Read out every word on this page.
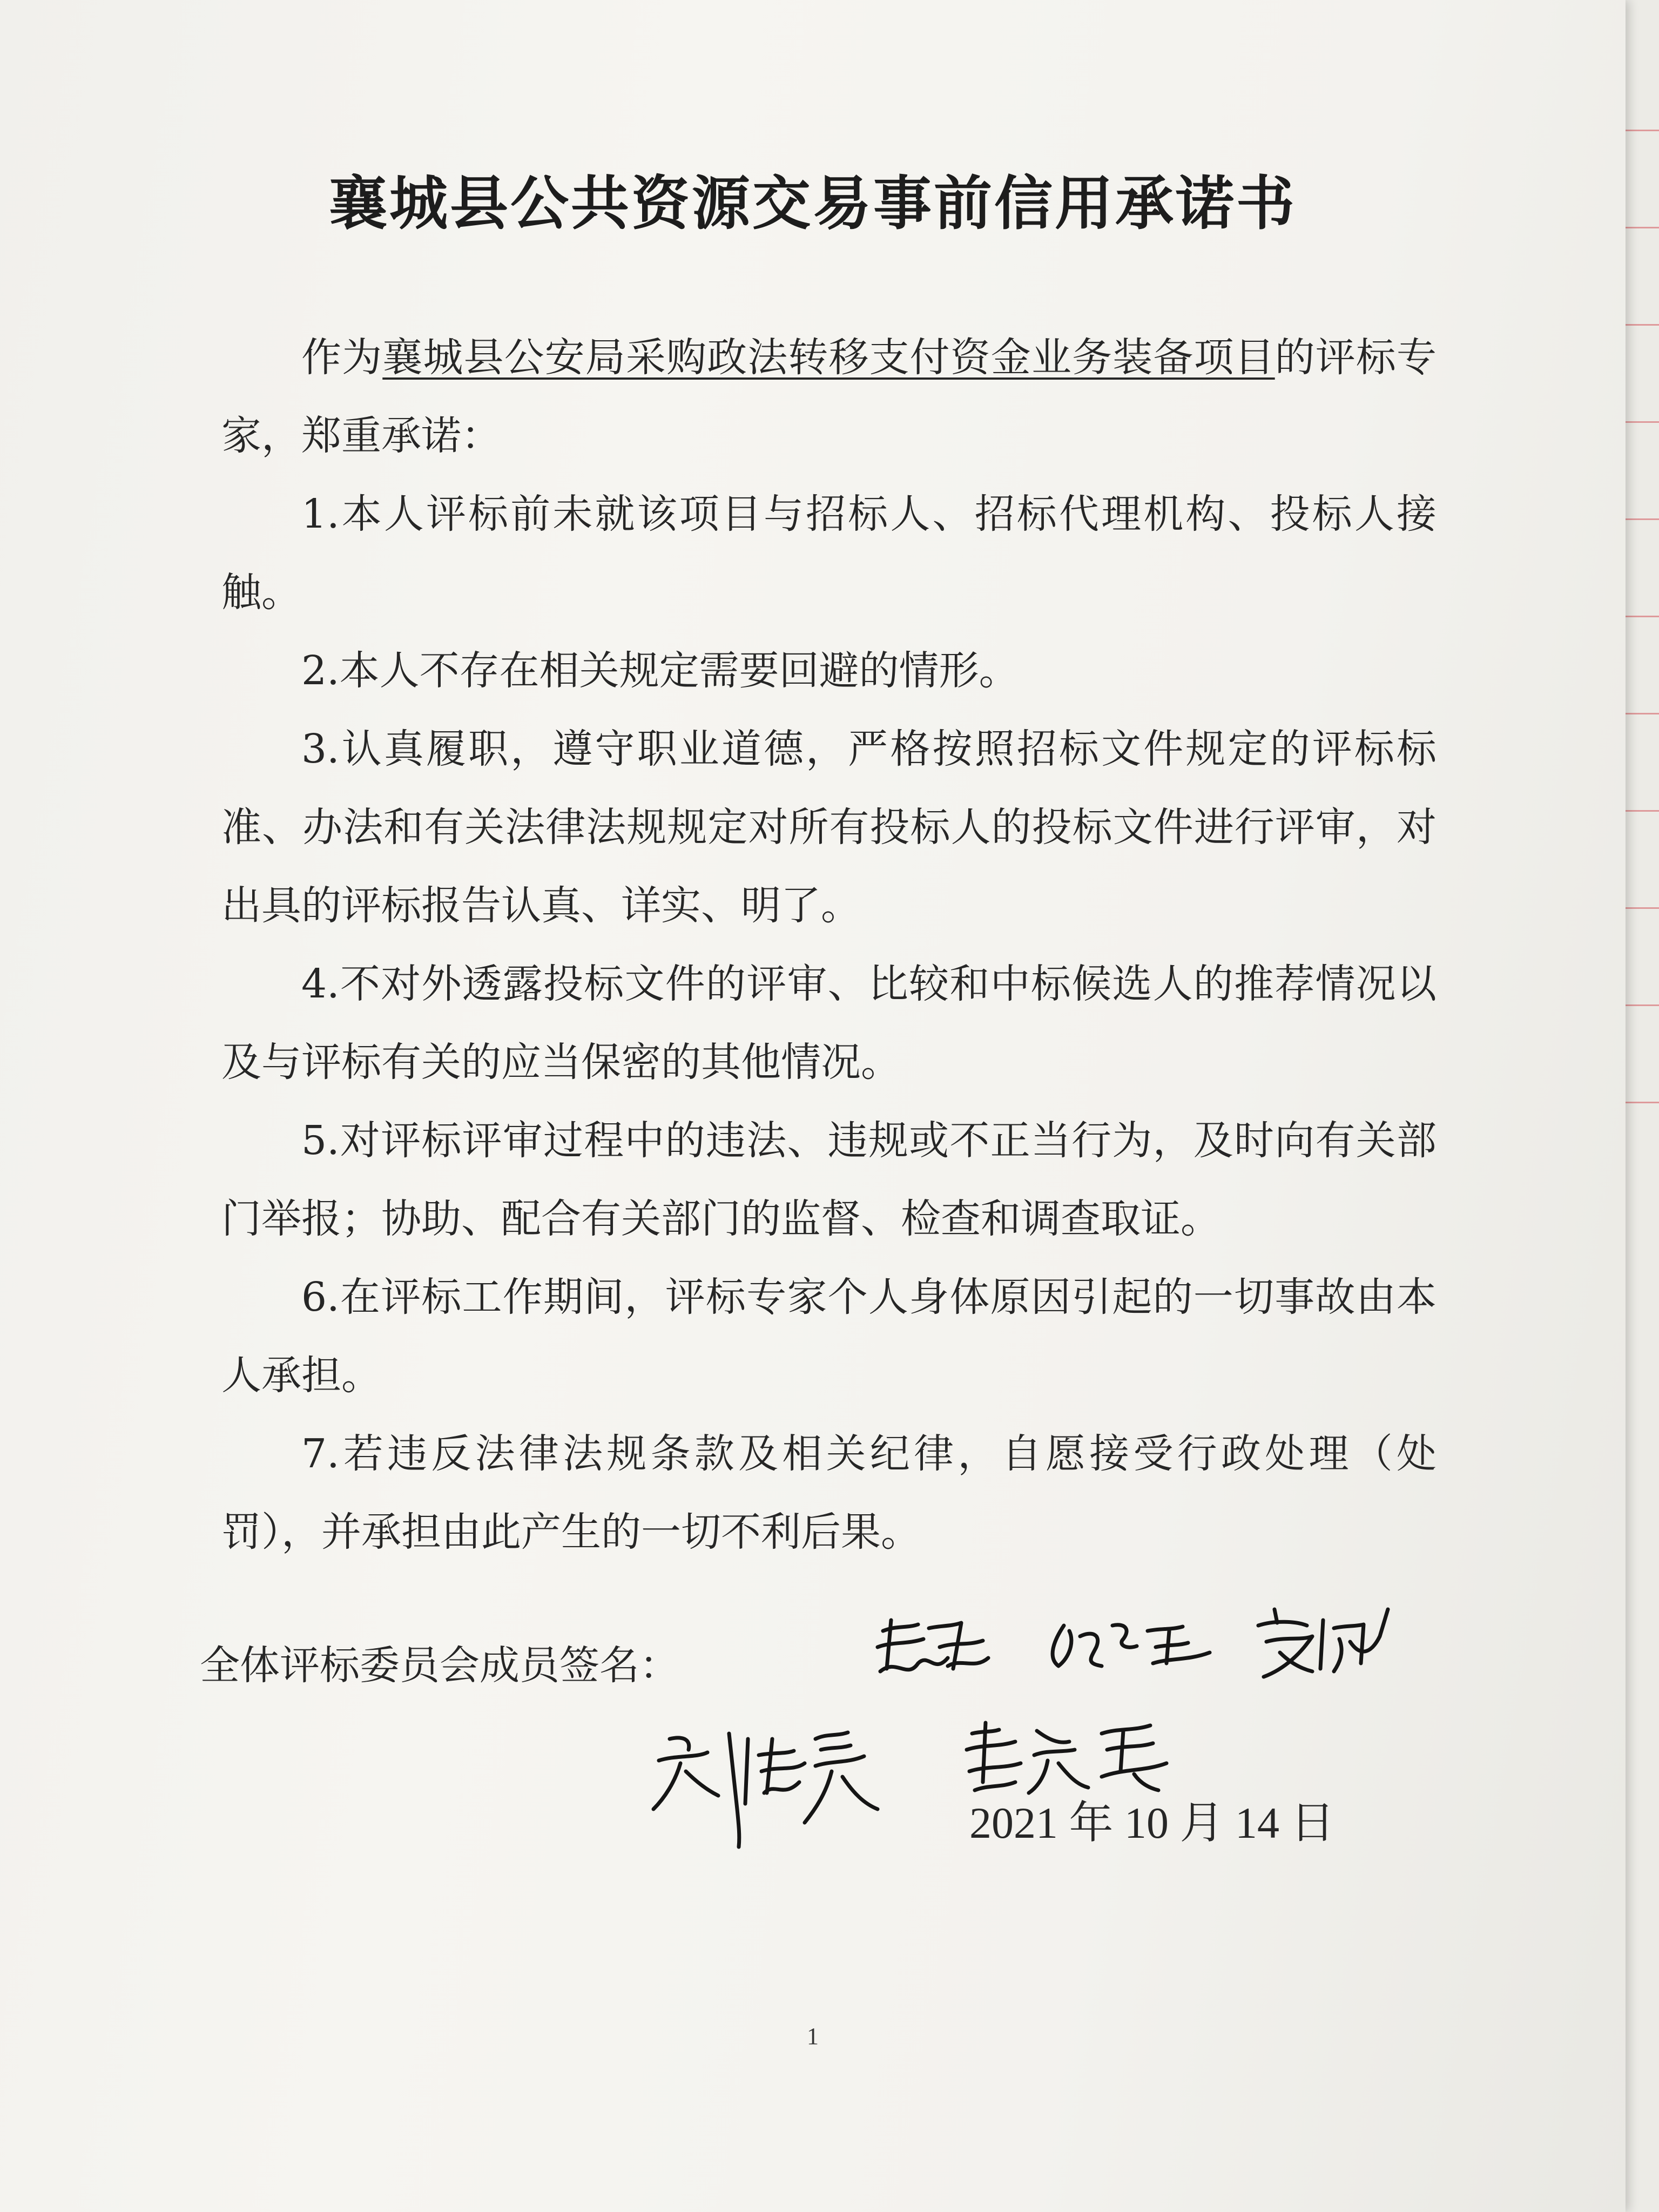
襄城县公共资源交易事前信用承诺书

作为襄城县公安局采购政法转移支付资金业务装备项目的评标专家，郑重承诺：

1.本人评标前未就该项目与招标人、招标代理机构、投标人接触。

2.本人不存在相关规定需要回避的情形。

3.认真履职，遵守职业道德，严格按照招标文件规定的评标标准、办法和有关法律法规规定对所有投标人的投标文件进行评审，对出具的评标报告认真、详实、明了。

4.不对外透露投标文件的评审、比较和中标候选人的推荐情况以及与评标有关的应当保密的其他情况。

5.对评标评审过程中的违法、违规或不正当行为，及时向有关部门举报；协助、配合有关部门的监督、检查和调查取证。

6.在评标工作期间，评标专家个人身体原因引起的一切事故由本人承担。

7.若违反法律法规条款及相关纪律，自愿接受行政处理（处罚），并承担由此产生的一切不利后果。

全体评标委员会成员签名：
2021 年 10 月 14 日
1
